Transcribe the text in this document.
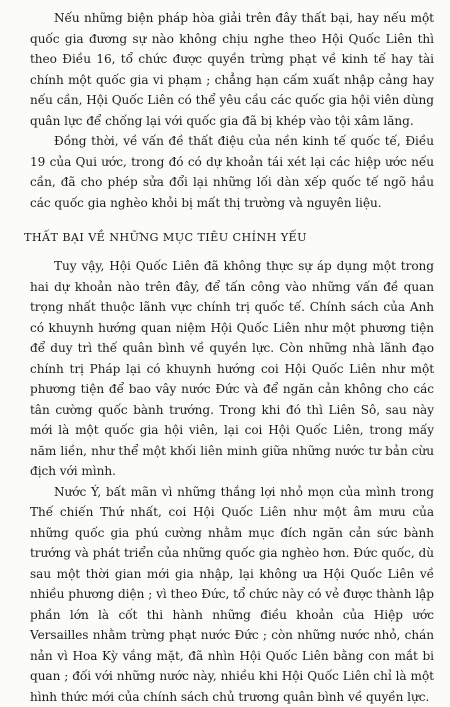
Nếu những biện pháp hòa giải trên đây thất bại, hay nếu một quốc gia đương sự nào không chịu nghe theo Hội Quốc Liên thì theo Điều 16, tổ chức được quyền trừng phạt về kinh tế hay tài chính một quốc gia vi phạm ; chẳng hạn cấm xuất nhập cảng hay nếu cần, Hội Quốc Liên có thể yêu cầu các quốc gia hội viên dùng quân lực để chống lại với quốc gia đã bị khép vào tội xâm lăng.

Đồng thời, về vấn đề thất điệu của nền kinh tế quốc tế, Điều 19 của Qui ước, trong đó có dự khoản tái xét lại các hiệp ước nếu cần, đã cho phép sửa đổi lại những lối dàn xếp quốc tế ngõ hầu các quốc gia nghèo khỏi bị mất thị trường và nguyên liệu.

THẤT BẠI VỀ NHỮNG MỤC TIÊU CHÍNH YẾU

Tuy vậy, Hội Quốc Liên đã không thực sự áp dụng một trong hai dự khoản nào trên đây, để tấn công vào những vấn đề quan trọng nhất thuộc lãnh vực chính trị quốc tế. Chính sách của Anh có khuynh hướng quan niệm Hội Quốc Liên như một phương tiện để duy trì thế quân bình về quyền lực. Còn những nhà lãnh đạo chính trị Pháp lại có khuynh hướng coi Hội Quốc Liên như một phương tiện để bao vây nước Đức và để ngăn cản không cho các tân cường quốc bành trướng. Trong khi đó thì Liên Sô, sau này mới là một quốc gia hội viên, lại coi Hội Quốc Liên, trong mấy năm liền, như thể một khối liên minh giữa những nước tư bản cừu địch với mình.

Nước Ý, bất mãn vì những thắng lợi nhỏ mọn của mình trong Thế chiến Thứ nhất, coi Hội Quốc Liên như một âm mưu của những quốc gia phú cường nhằm mục đích ngăn cản sức bành trướng và phát triển của những quốc gia nghèo hơn. Đức quốc, dù sau một thời gian mới gia nhập, lại không ưa Hội Quốc Liên về nhiều phương diện ; vì theo Đức, tổ chức này có vẻ được thành lập phần lớn là cốt thi hành những điều khoản của Hiệp ước Versailles nhằm trừng phạt nước Đức ; còn những nước nhỏ, chán nản vì Hoa Kỳ vắng mặt, đã nhìn Hội Quốc Liên bằng con mắt bi quan ; đối với những nước này, nhiều khi Hội Quốc Liên chỉ là một hình thức mới của chính sách chủ trương quân bình về quyền lực.
